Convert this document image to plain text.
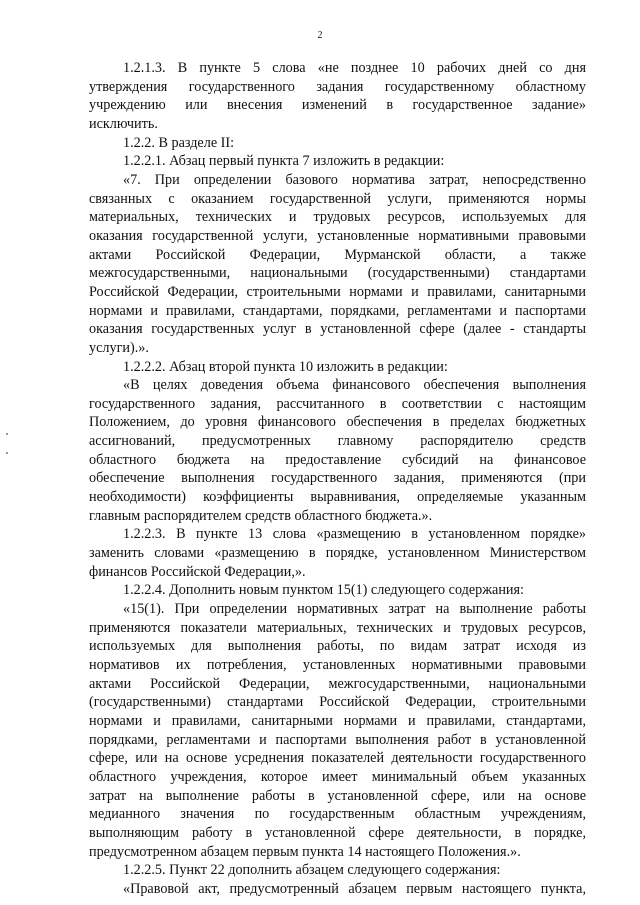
2
1.2.1.3. В пункте 5 слова «не позднее 10 рабочих дней со дня
утверждения государственного задания государственному областному
учреждению или внесения изменений в государственное задание»
исключить.
1.2.2. В разделе II:
1.2.2.1. Абзац первый пункта 7 изложить в редакции:
«7. При определении базового норматива затрат, непосредственно
связанных с оказанием государственной услуги, применяются нормы
материальных, технических и трудовых ресурсов, используемых для
оказания государственной услуги, установленные нормативными правовыми
актами Российской Федерации, Мурманской области, а также
межгосударственными, национальными (государственными) стандартами
Российской Федерации, строительными нормами и правилами, санитарными
нормами и правилами, стандартами, порядками, регламентами и паспортами
оказания государственных услуг в установленной сфере (далее - стандарты
услуги).».
1.2.2.2. Абзац второй пункта 10 изложить в редакции:
«В целях доведения объема финансового обеспечения выполнения
государственного задания, рассчитанного в соответствии с настоящим
Положением, до уровня финансового обеспечения в пределах бюджетных
ассигнований, предусмотренных главному распорядителю средств
областного бюджета на предоставление субсидий на финансовое
обеспечение выполнения государственного задания, применяются (при
необходимости) коэффициенты выравнивания, определяемые указанным
главным распорядителем средств областного бюджета.».
1.2.2.3. В пункте 13 слова «размещению в установленном порядке»
заменить словами «размещению в порядке, установленном Министерством
финансов Российской Федерации,».
1.2.2.4. Дополнить новым пунктом 15(1) следующего содержания:
«15(1). При определении нормативных затрат на выполнение работы
применяются показатели материальных, технических и трудовых ресурсов,
используемых для выполнения работы, по видам затрат исходя из
нормативов их потребления, установленных нормативными правовыми
актами Российской Федерации, межгосударственными, национальными
(государственными) стандартами Российской Федерации, строительными
нормами и правилами, санитарными нормами и правилами, стандартами,
порядками, регламентами и паспортами выполнения работ в установленной
сфере, или на основе усреднения показателей деятельности государственного
областного учреждения, которое имеет минимальный объем указанных
затрат на выполнение работы в установленной сфере, или на основе
медианного значения по государственным областным учреждениям,
выполняющим работу в установленной сфере деятельности, в порядке,
предусмотренном абзацем первым пункта 14 настоящего Положения.».
1.2.2.5. Пункт 22 дополнить абзацем следующего содержания:
«Правовой акт, предусмотренный абзацем первым настоящего пункта,
